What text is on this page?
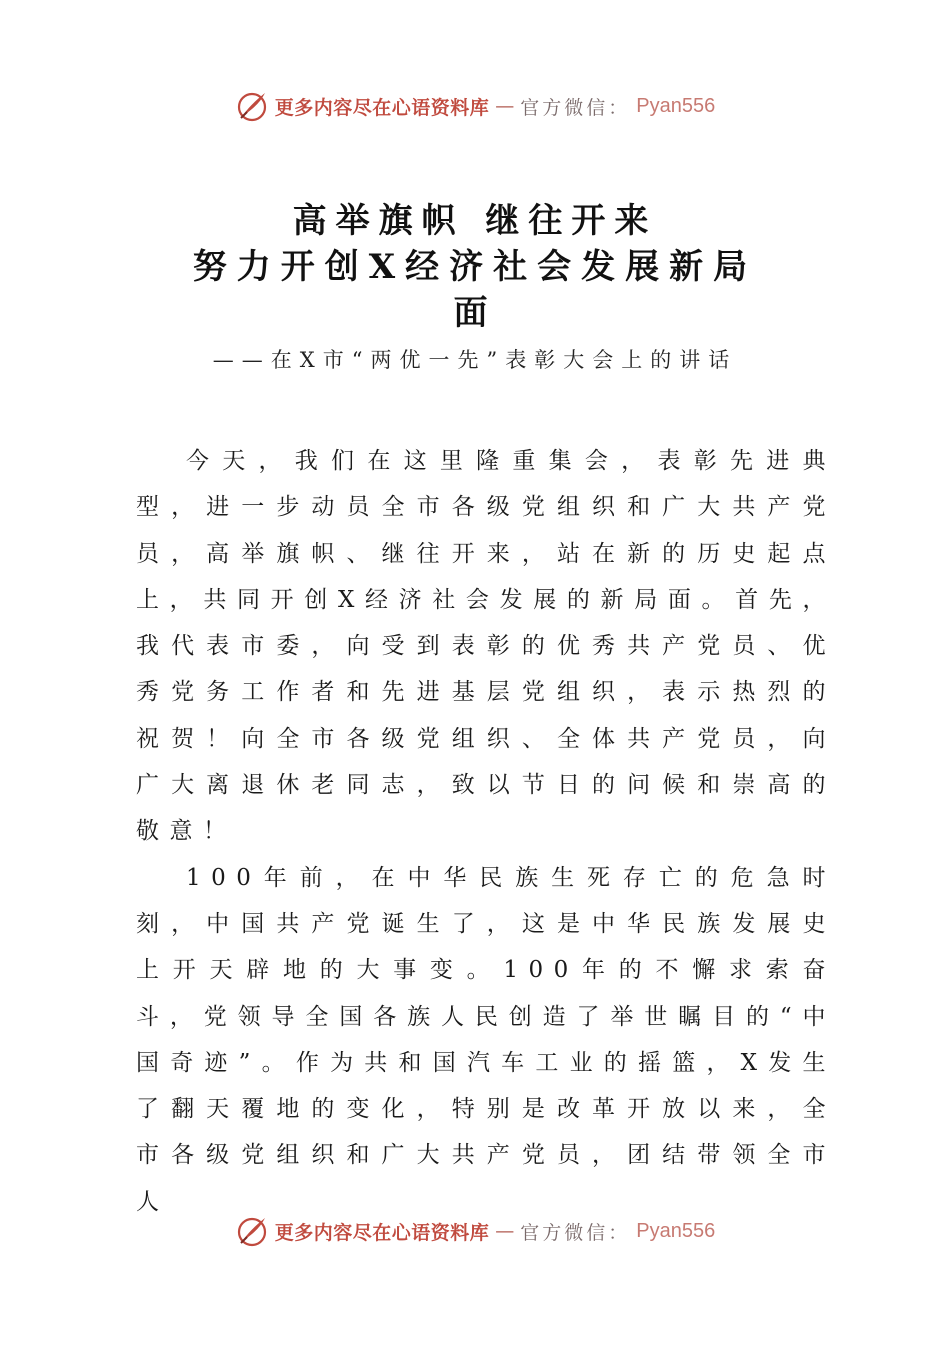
更多内容尽在心语资料库 — 官方微信： Pyan556
高举旗帜 继往开来
努力开创X经济社会发展新局
面
——在X市“两优一先”表彰大会上的讲话

今天，我们在这里隆重集会，表彰先进典型，进一步动员全市各级党组织和广大共产党员，高举旗帜、继往开来，站在新的历史起点上，共同开创X经济社会发展的新局面。首先，我代表市委，向受到表彰的优秀共产党员、优秀党务工作者和先进基层党组织，表示热烈的祝贺！向全市各级党组织、全体共产党员，向广大离退休老同志，致以节日的问候和崇高的敬意！

100年前，在中华民族生死存亡的危急时刻，中国共产党诞生了，这是中华民族发展史上开天辟地的大事变。100年的不懈求索奋斗，党领导全国各族人民创造了举世瞩目的“中国奇迹”。作为共和国汽车工业的摇篮，X发生了翻天覆地的变化，特别是改革开放以来，全市各级党组织和广大共产党员，团结带领全市人

更多内容尽在心语资料库 — 官方微信： Pyan556
